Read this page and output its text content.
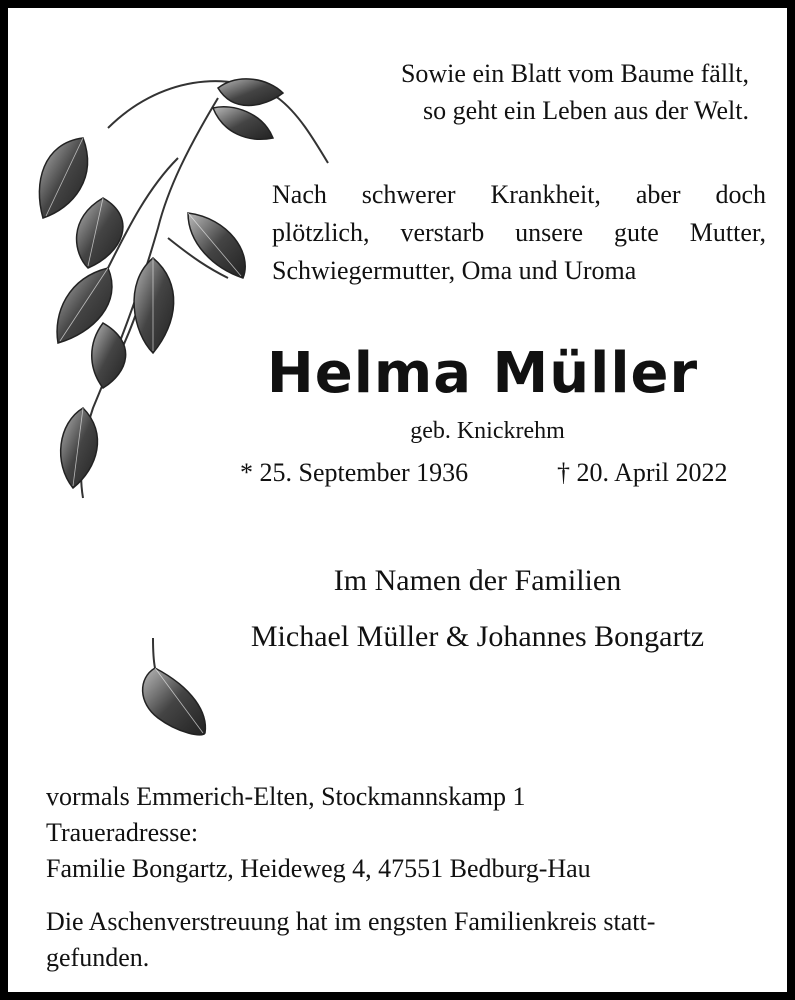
Sowie ein Blatt vom Baume fällt,
so geht ein Leben aus der Welt.
Nach schwerer Krankheit, aber doch
plötzlich, verstarb unsere gute Mutter,
Schwiegermutter, Oma und Uroma
Helma Müller
geb. Knickrehm
* 25. September 1936	† 20. April 2022
Im Namen der Familien
Michael Müller & Johannes Bongartz
vormals Emmerich-Elten, Stockmannskamp 1
Traueradresse:
Familie Bongartz, Heideweg 4, 47551 Bedburg-Hau
Die Aschenverstreuung hat im engsten Familienkreis statt-
gefunden.
